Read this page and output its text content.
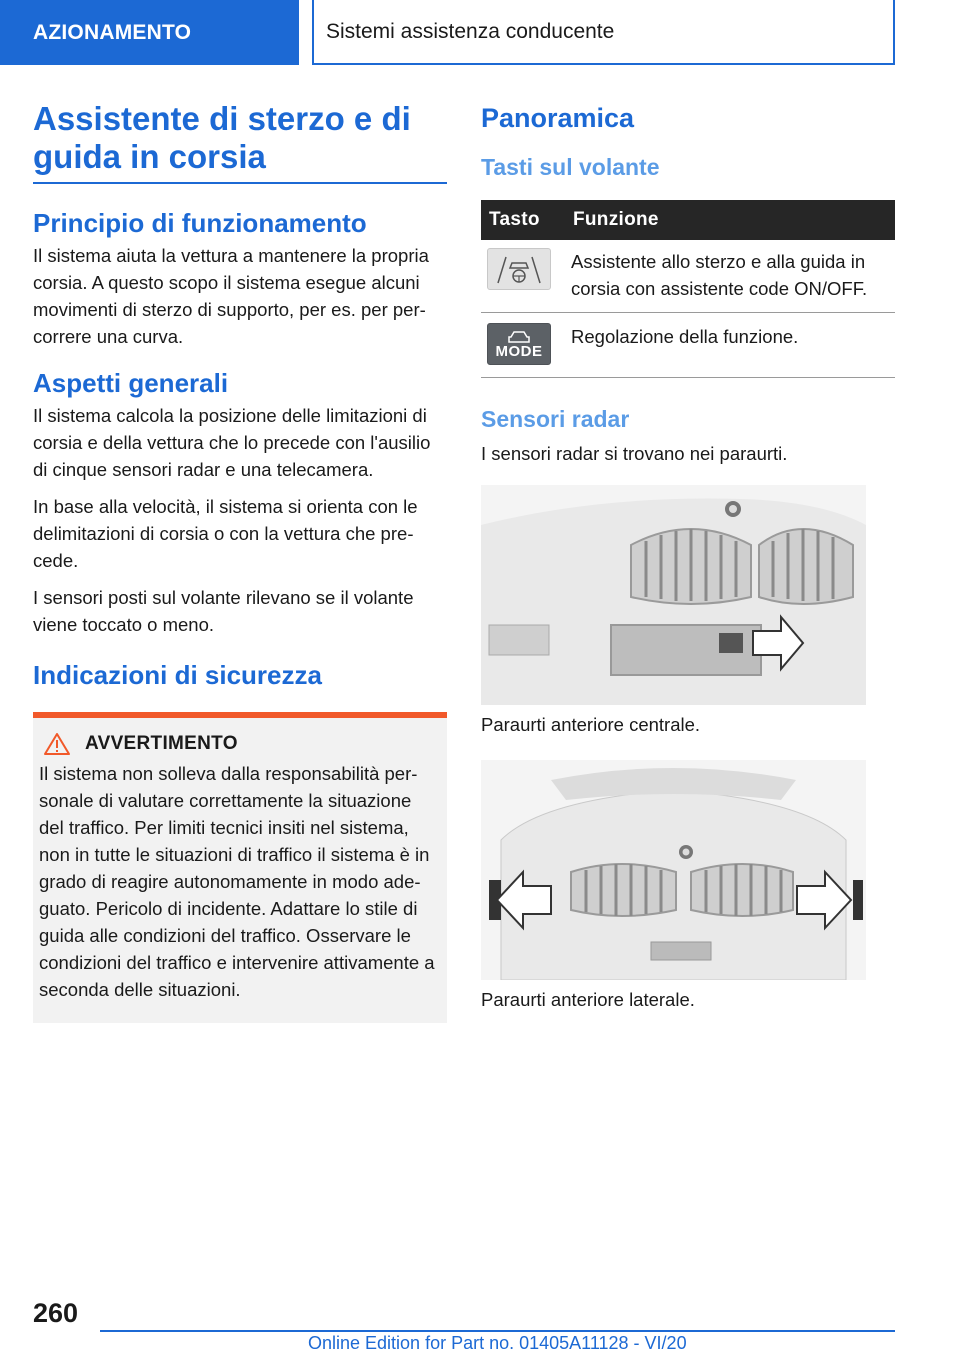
AZIONAMENTO	Sistemi assistenza conducente
Assistente di sterzo e di guida in corsia
Principio di funzionamento

Il sistema aiuta la vettura a mantenere la propria corsia. A questo scopo il sistema esegue alcuni movimenti di sterzo di supporto, per es. per percorrere una curva.

Aspetti generali

Il sistema calcola la posizione delle limitazioni di corsia e della vettura che lo precede con l'ausilio di cinque sensori radar e una telecamera.

In base alla velocità, il sistema si orienta con le delimitazioni di corsia o con la vettura che precede.

I sensori posti sul volante rilevano se il volante viene toccato o meno.

Indicazioni di sicurezza
AVVERTIMENTO
Il sistema non solleva dalla responsabilità personale di valutare correttamente la situazione del traffico. Per limiti tecnici insiti nel sistema, non in tutte le situazioni di traffico il sistema è in grado di reagire autonomamente in modo adeguato. Pericolo di incidente. Adattare lo stile di guida alle condizioni del traffico. Osservare le condizioni del traffico e intervenire attivamente a seconda delle situazioni.
Panoramica
Tasti sul volante
Tasto	Funzione

	Assistente allo sterzo e alla guida in corsia con assistente code ON/OFF.

MODE	Regolazione della funzione.
Sensori radar

I sensori radar si trovano nei paraurti.

Paraurti anteriore centrale.
Paraurti anteriore laterale.
260
Online Edition for Part no. 01405A11128 - VI/20
